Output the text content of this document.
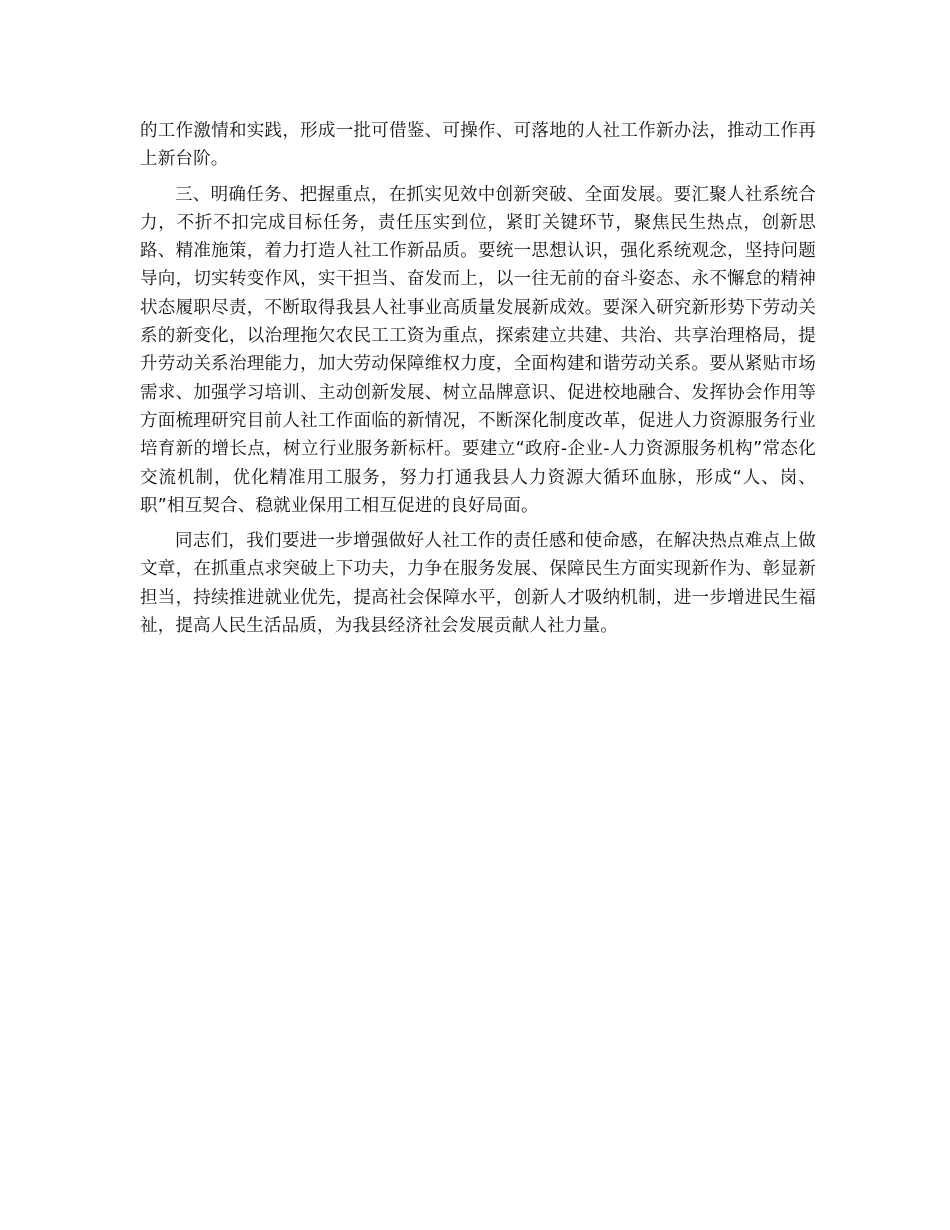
的工作激情和实践，形成一批可借鉴、可操作、可落地的人社工作新办法，推动工作再上新台阶。

三、明确任务、把握重点，在抓实见效中创新突破、全面发展。要汇聚人社系统合力，不折不扣完成目标任务，责任压实到位，紧盯关键环节，聚焦民生热点，创新思路、精准施策，着力打造人社工作新品质。要统一思想认识，强化系统观念，坚持问题导向，切实转变作风，实干担当、奋发而上，以一往无前的奋斗姿态、永不懈怠的精神状态履职尽责，不断取得我县人社事业高质量发展新成效。要深入研究新形势下劳动关系的新变化，以治理拖欠农民工工资为重点，探索建立共建、共治、共享治理格局，提升劳动关系治理能力，加大劳动保障维权力度，全面构建和谐劳动关系。要从紧贴市场需求、加强学习培训、主动创新发展、树立品牌意识、促进校地融合、发挥协会作用等方面梳理研究目前人社工作面临的新情况，不断深化制度改革，促进人力资源服务行业培育新的增长点，树立行业服务新标杆。要建立“政府-企业-人力资源服务机构”常态化交流机制，优化精准用工服务，努力打通我县人力资源大循环血脉，形成“人、岗、职”相互契合、稳就业保用工相互促进的良好局面。

同志们，我们要进一步增强做好人社工作的责任感和使命感，在解决热点难点上做文章，在抓重点求突破上下功夫，力争在服务发展、保障民生方面实现新作为、彰显新担当，持续推进就业优先，提高社会保障水平，创新人才吸纳机制，进一步增进民生福祉，提高人民生活品质，为我县经济社会发展贡献人社力量。
